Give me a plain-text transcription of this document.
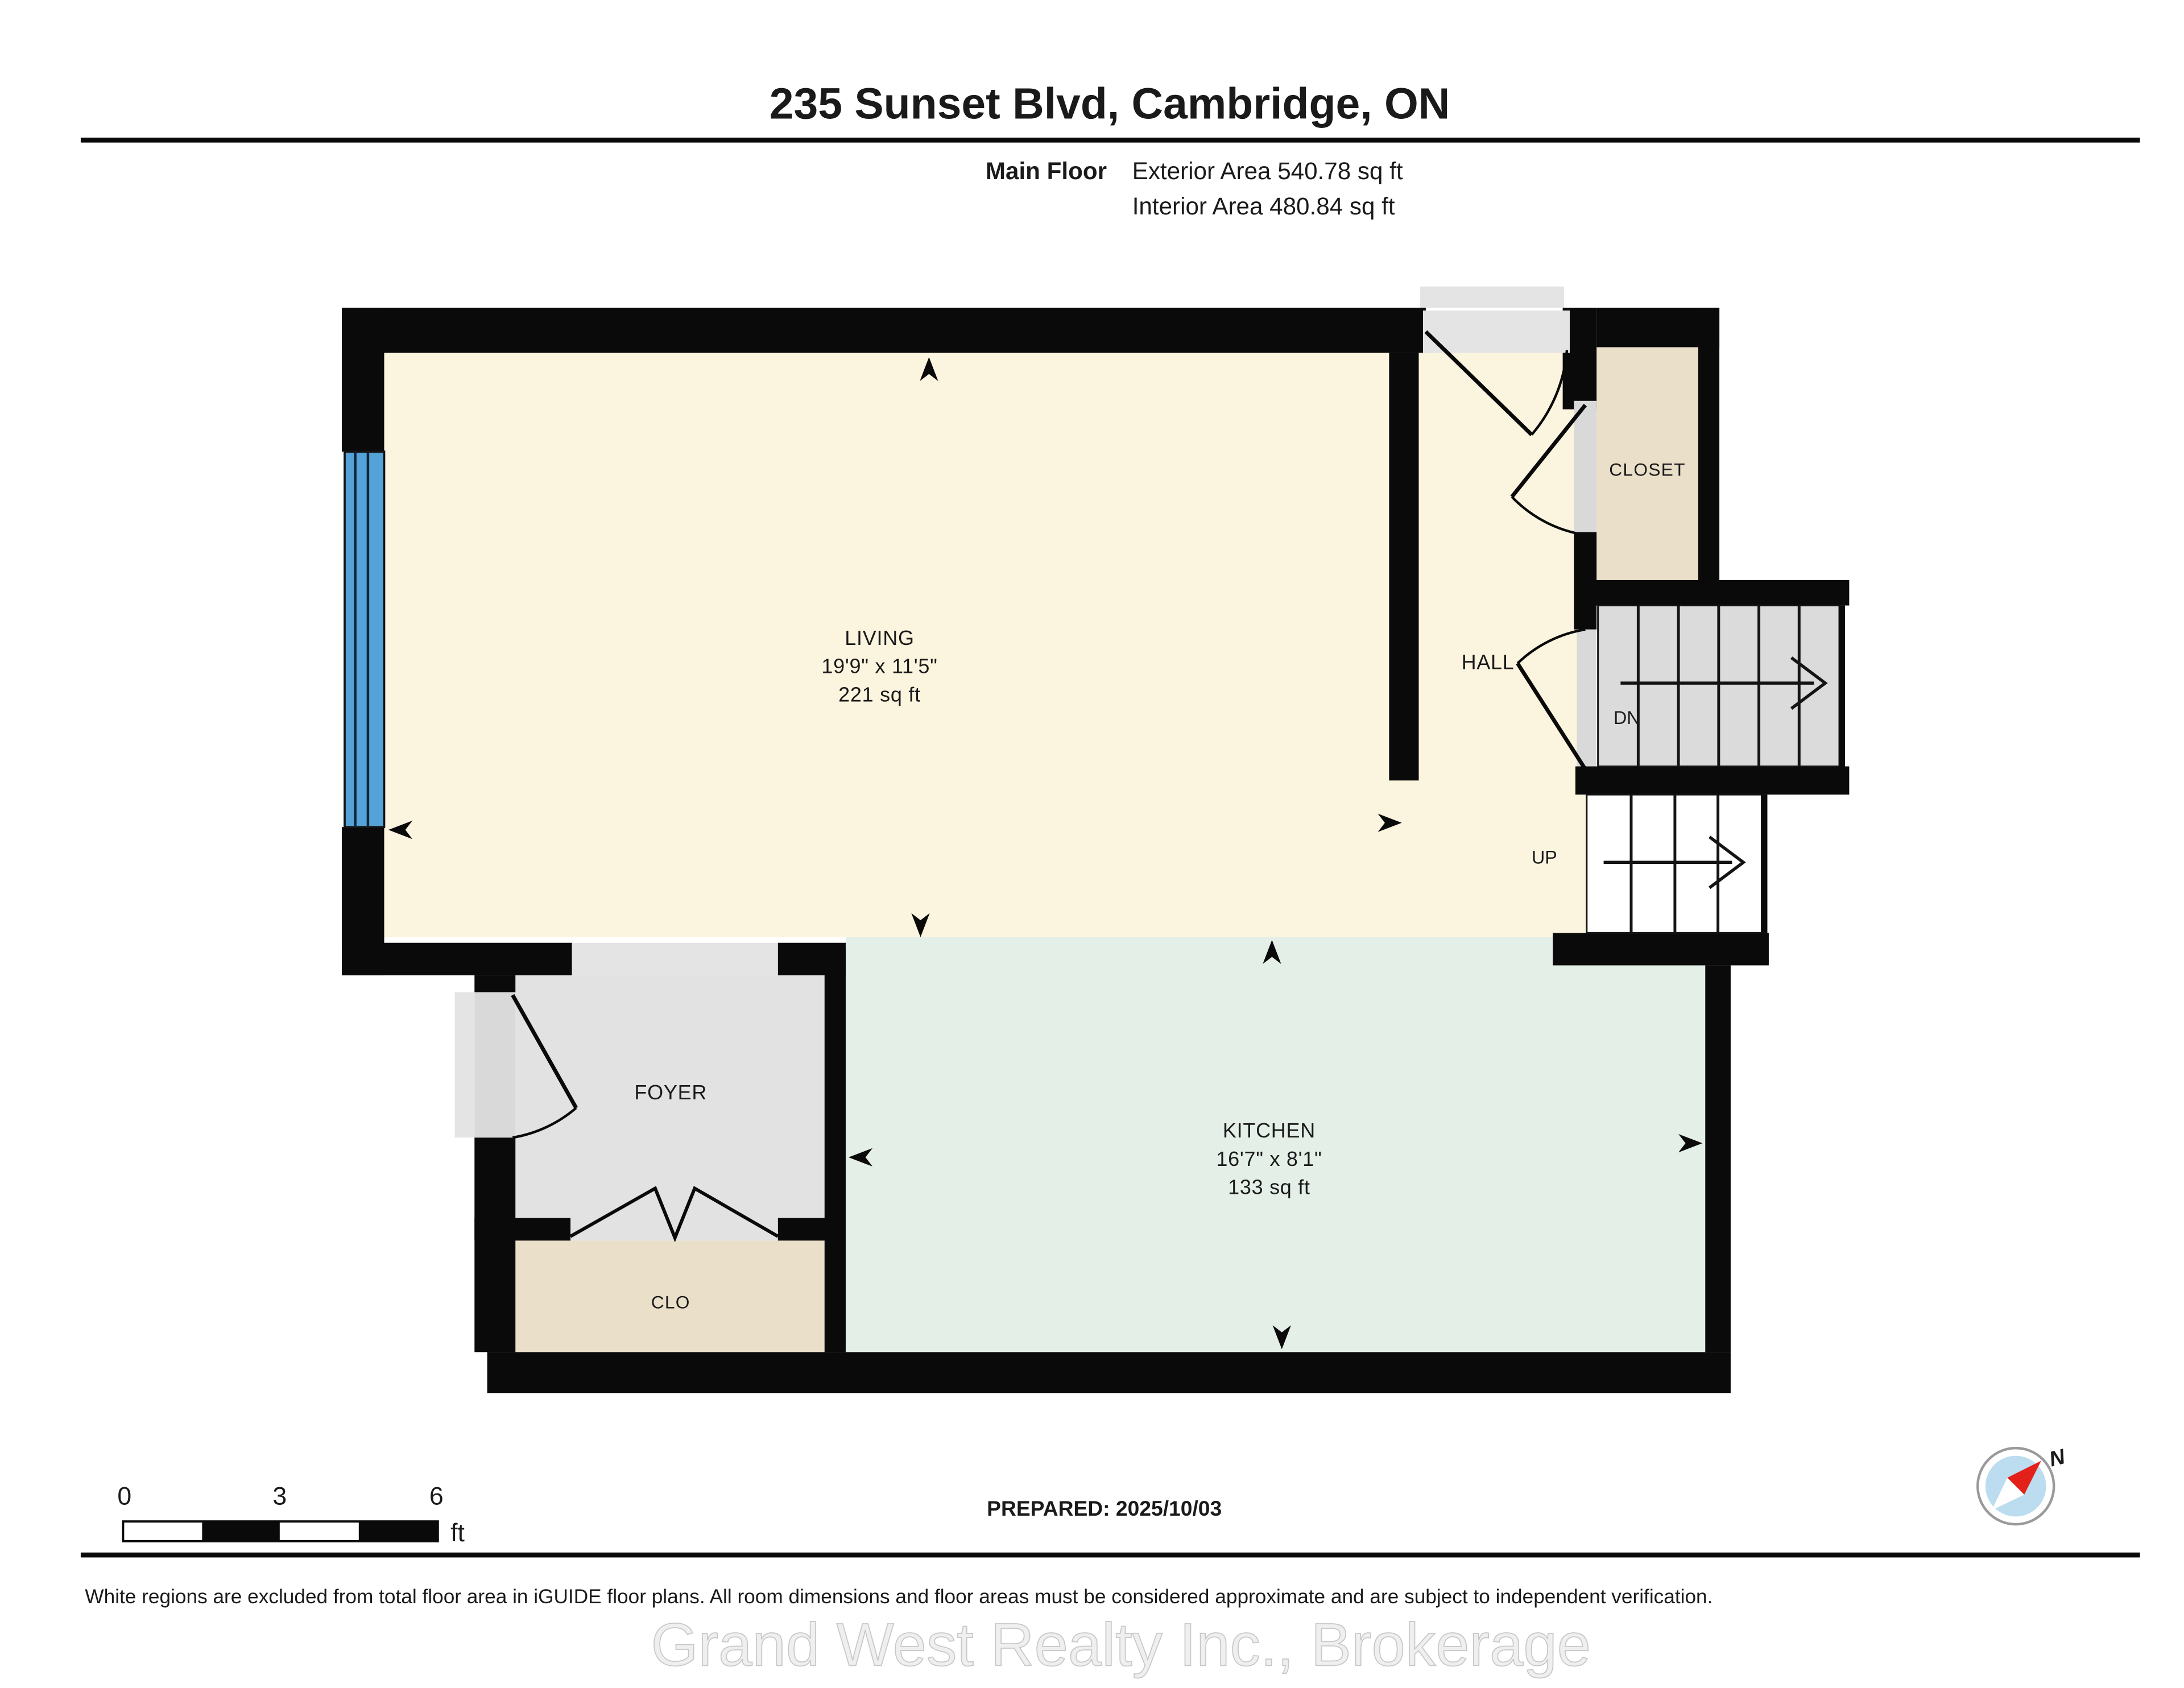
235 Sunset Blvd, Cambridge, ON
Main Floor	Exterior Area 540.78 sq ft
Interior Area 480.84 sq ft
LIVING
19'9" x 11'5"
221 sq ft
KITCHEN
16'7" x 8'1"
133 sq ft
CLOSET
HALL
FOYER
CLO
DN
UP
0	3	6
ft
PREPARED: 2025/10/03
Grand West Realty Inc., Brokerage
White regions are excluded from total floor area in iGUIDE floor plans. All room dimensions and floor areas must be considered approximate and are subject to independent verification.
N
